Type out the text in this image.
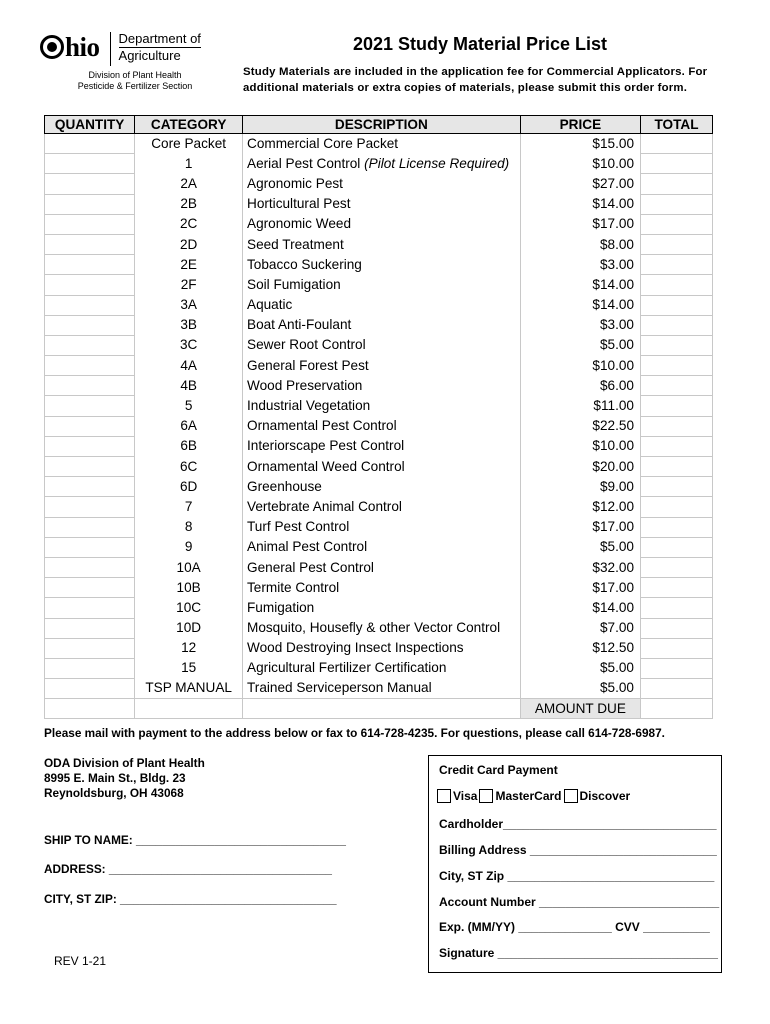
hio Department of
Agriculture
Division of Plant Health
Pesticide & Fertilizer Section
2021 Study Material Price List
Study Materials are included in the application fee for Commercial Applicators. For additional materials or extra copies of materials, please submit this order form.
QUANTITY	CATEGORY	DESCRIPTION	PRICE	TOTAL
	Core Packet	Commercial Core Packet	$15.00	
	1	Aerial Pest Control (Pilot License Required)	$10.00	
	2A	Agronomic Pest	$27.00	
	2B	Horticultural Pest	$14.00	
	2C	Agronomic Weed	$17.00	
	2D	Seed Treatment	$8.00	
	2E	Tobacco Suckering	$3.00	
	2F	Soil Fumigation	$14.00	
	3A	Aquatic	$14.00	
	3B	Boat Anti-Foulant	$3.00	
	3C	Sewer Root Control	$5.00	
	4A	General Forest Pest	$10.00	
	4B	Wood Preservation	$6.00	
	5	Industrial Vegetation	$11.00	
	6A	Ornamental Pest Control	$22.50	
	6B	Interiorscape Pest Control	$10.00	
	6C	Ornamental Weed Control	$20.00	
	6D	Greenhouse	$9.00	
	7	Vertebrate Animal Control	$12.00	
	8	Turf Pest Control	$17.00	
	9	Animal Pest Control	$5.00	
	10A	General Pest Control	$32.00	
	10B	Termite Control	$17.00	
	10C	Fumigation	$14.00	
	10D	Mosquito, Housefly & other Vector Control	$7.00	
	12	Wood Destroying Insect Inspections	$12.50	
	15	Agricultural Fertilizer Certification	$5.00	
	TSP MANUAL	Trained Serviceperson Manual	$5.00	
			AMOUNT DUE	
Please mail with payment to the address below or fax to 614-728-4235. For questions, please call 614-728-6987.
ODA Division of Plant Health
8995 E. Main St., Bldg. 23
Reynoldsburg, OH 43068
SHIP TO NAME: ________________________________
ADDRESS: __________________________________
CITY, ST ZIP: _________________________________
Credit Card Payment
Visa MasterCard Discover
Cardholder________________________________
Billing Address ____________________________
City, ST Zip _______________________________
Account Number ___________________________
Exp. (MM/YY) ______________ CVV __________
Signature _________________________________
REV 1-21
